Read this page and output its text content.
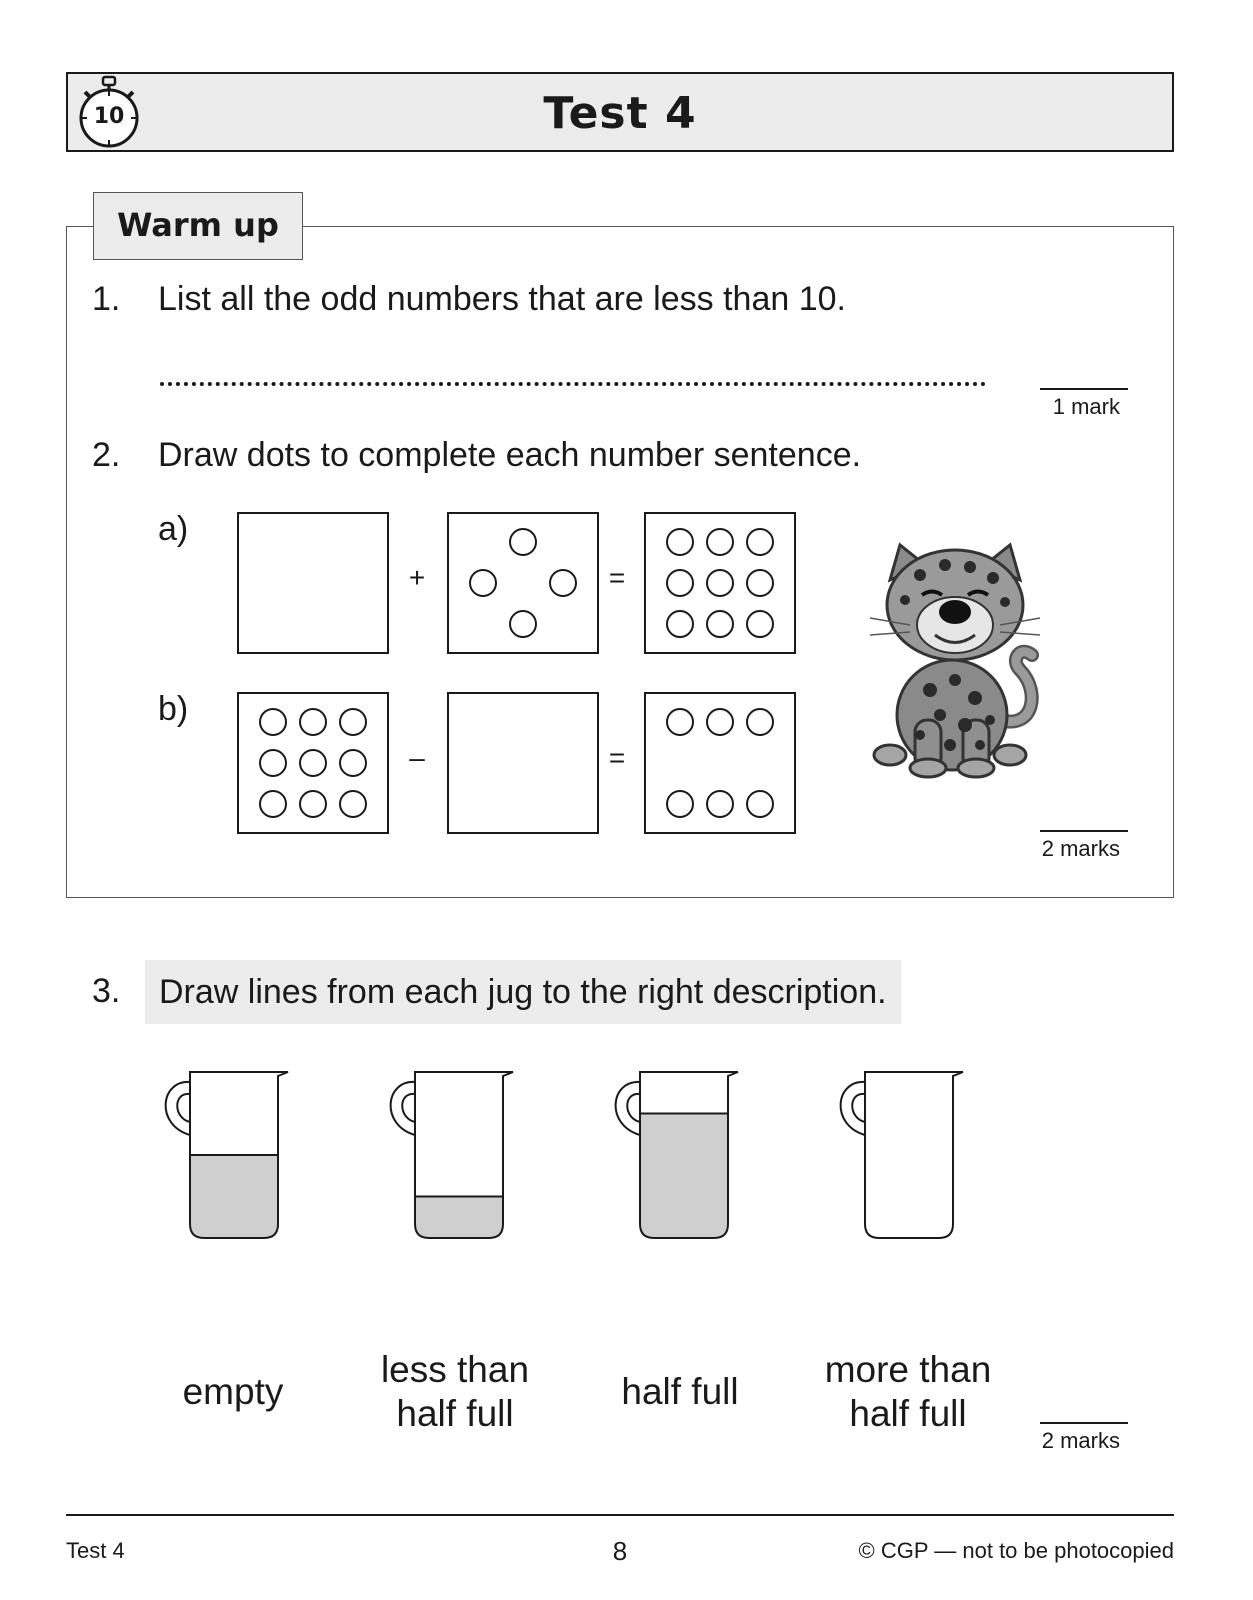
10	Test 4
Warm up
1. List all the odd numbers that are less than 10.
1 mark
2. Draw dots to complete each number sentence.
a)
b)
+	=
–	=
2 marks
3.	Draw lines from each jug to the right description.
empty
less than
half full
half full
more than
half full
2 marks
Test 4	8	© CGP — not to be photocopied
